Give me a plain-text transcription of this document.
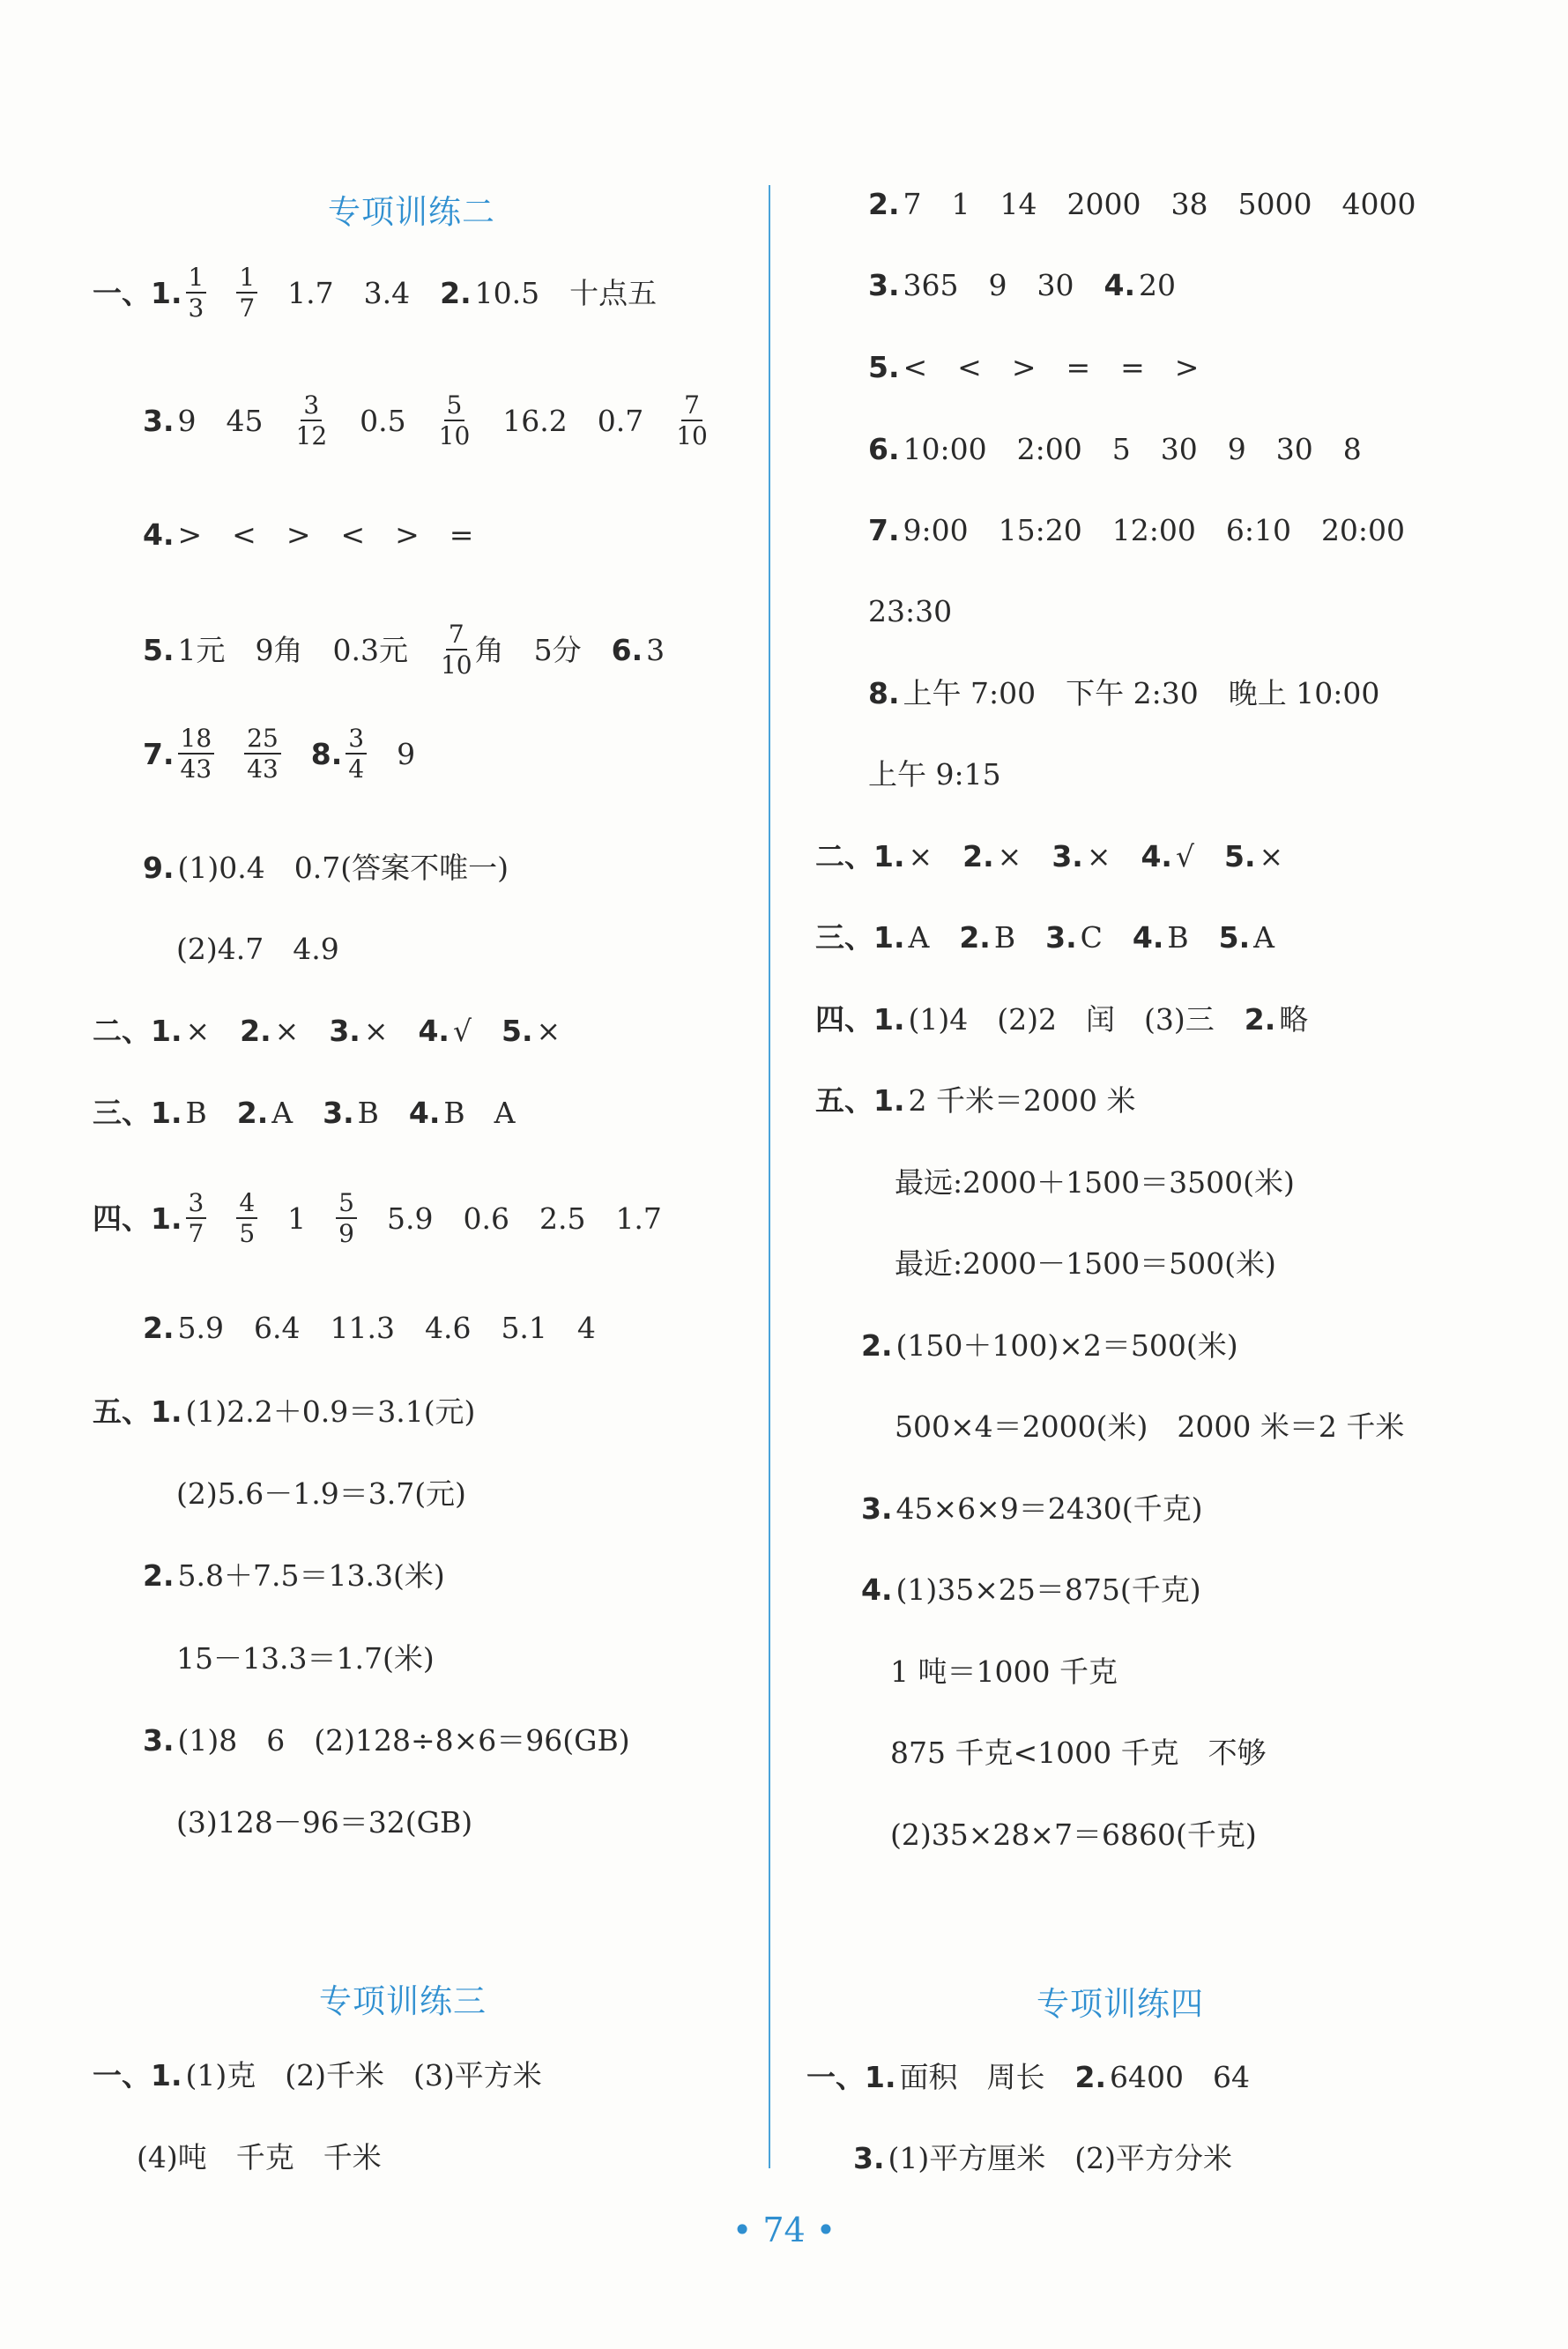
专项训练二
一、1. $\frac{1}{3} \frac{1}{7} 1.7$ 3.4 2. 10.5 十点五
3. 9 $45 \frac{3}{12} 0.5 \frac{5}{10} 16.2$ $0.7 \frac{7}{10}$
4. > < > < > =
5. 1元 9角 0.3元 $\frac{7}{10}$ 角 5分 6. 3
7. $\frac{18}{43} \frac{25}{43} 8$. $\frac{3}{4} 9$
9. (1)0.4　0.7(答案不唯一)
(2)4.7　4.9
二、1. × 2. × 3. × 4. √ 5. ×
三、1. B 2. A 3. B 4. B　A
四、1. $\frac{3}{7} \frac{4}{5} 1 \frac{5}{9} 5.9$ 0.6 2.5 1.7
2. 5.9 6.4 11.3 4.6 5.1 4
五、1. (1)2.2＋0.9＝3.1(元)
(2)5.6－1.9＝3.7(元)
2. 5.8＋7.5＝13.3(米)
15－13.3＝1.7(米)
3. (1)8　6　(2)128÷8×6＝96(GB)
(3)128－96＝32(GB)
专项训练三
一、1. (1)克　(2)千米　(3)平方米
(4)吨　千克　千米
2. 7 1 14 2000 38 5000 4000
3. 365 9 30 4. 20
5. < < > = = >
6. 10:00 2:00 5 30 9 30 8
7. 9:00 15:20 12:00 6:10 20:00
23:30
8. 上午 7:00 下午 2:30 晚上 10:00
上午 9:15
二、1. × 2. × 3. × 4. √ 5. ×
三、1. A 2. B 3. C 4. B 5. A
四、1. (1)4　(2)2　闰　(3)三 2. 略
五、1. 2 千米＝2000 米
最远:2000＋1500＝3500(米)
最近:2000－1500＝500(米)
2. (150＋100)×2＝500(米)
500×4＝2000(米)　2000 米＝2 千米
3. 45×6×9＝2430(千克)
4. (1)35×25＝875(千克)
1 吨＝1000 千克
875 千克<1000 千克　不够
(2)35×28×7＝6860(千克)
专项训练四
一、1. 面积　周长 2. 6400　64
3. (1)平方厘米　(2)平方分米
• 74 •
